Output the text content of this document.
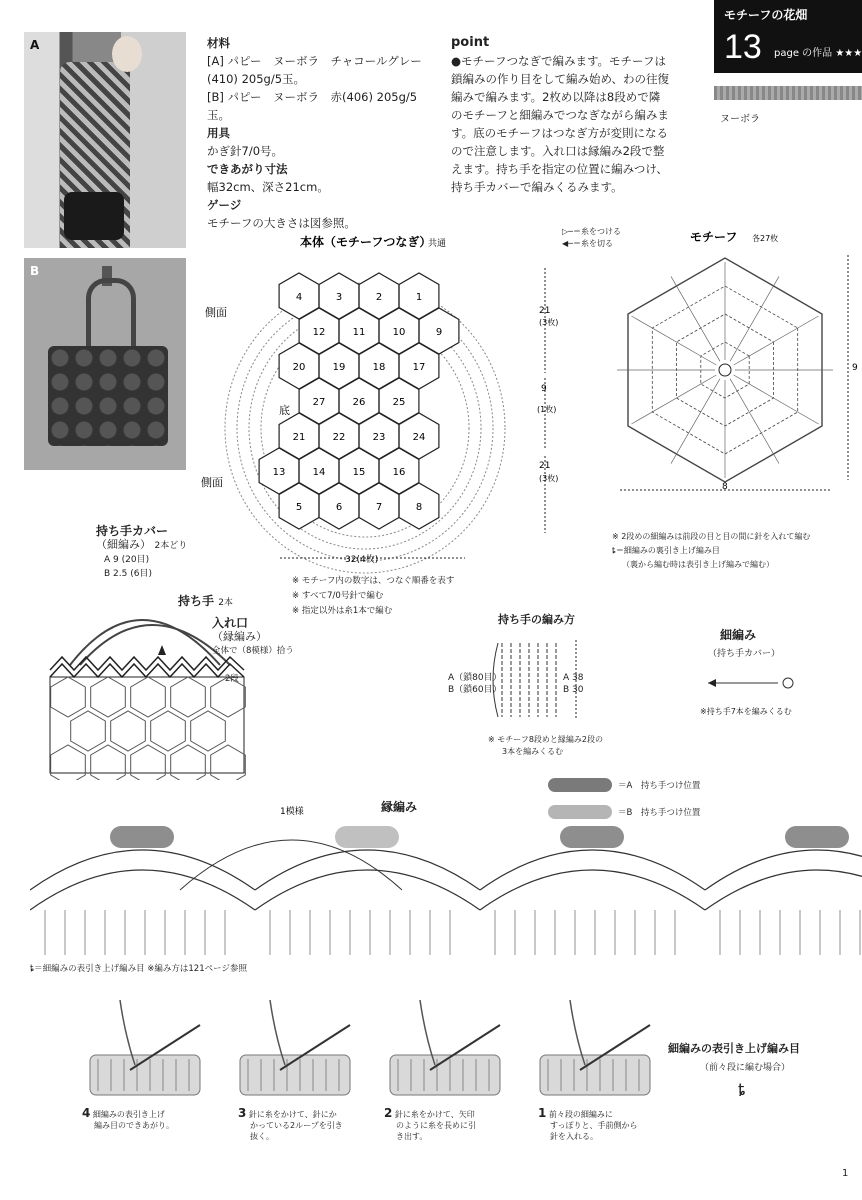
A
B
材料
[A] パピー　ヌーボラ　チャコールグレー
(410) 205g/5玉。
[B] パピー　ヌーボラ　赤(406) 205g/5
玉。
用具
かぎ針7/0号。
できあがり寸法
幅32cm、深さ21cm。
ゲージ
モチーフの大きさは図参照。
point
●モチーフつなぎで編みます。モチーフは
鎖編みの作り目をして編み始め、わの往復
編みで編みます。2枚め以降は8段めで隣
のモチーフと細編みでつなぎながら編みま
す。底のモチーフはつなぎ方が変則になる
ので注意します。入れ口は縁編み2段で整
えます。持ち手を指定の位置に編みつけ、
持ち手カバーで編みくるみます。
モチーフの花畑
13 page の作品 ★★★
ヌーボラ
本体（モチーフつなぎ）
共通
4	3	2	1
12	11	10	9
20	19	18	17
27	26	25
21	22	23	24
13	14	15	16
5	6	7	8
側面
底
側面
21
(3枚)
9
(1枚)
21
(3枚)
32(4枚)
※ モチーフ内の数字は、つなぐ順番を表す
※ すべて7/0号針で編む
※ 指定以外は糸1本で編む
▷─＝糸をつける
◀─＝糸を切る	モチーフ 各27枚
9
8
※ 2段めの細編みは前段の目と目の間に針を入れて編む
ȶ＝細編みの裏引き上げ編み目
（裏から編む時は表引き上げ編みで編む）
持ち手カバー
（細編み） 2本どり
A 9 (20目)
B 2.5 (6目)
持ち手 2本
入れ口
（縁編み）
全体で（8模様）拾う
2段
持ち手の編み方
A（鎖80目）
B（鎖60目）
A 38
B 30
※ モチーフ8段めと縁編み2段の
3本を編みくるむ
細編み
（持ち手カバー）
※持ち手7本を編みくるむ
＝A　持ち手つけ位置
＝B　持ち手つけ位置
縁編み
1模様
ȶ＝細編みの表引き上げ編み目 ※編み方は121ページ参照
細編みの表引き上げ編み目
（前々段に編む場合）
ȶ
4 細編みの表引き上げ
編み目のできあがり。
3 針に糸をかけて、針にか
かっている2ループを引き
抜く。
2 針に糸をかけて、矢印
のように糸を長めに引
き出す。
1 前々段の細編みに
すっぽりと、手前側から
針を入れる。
1
